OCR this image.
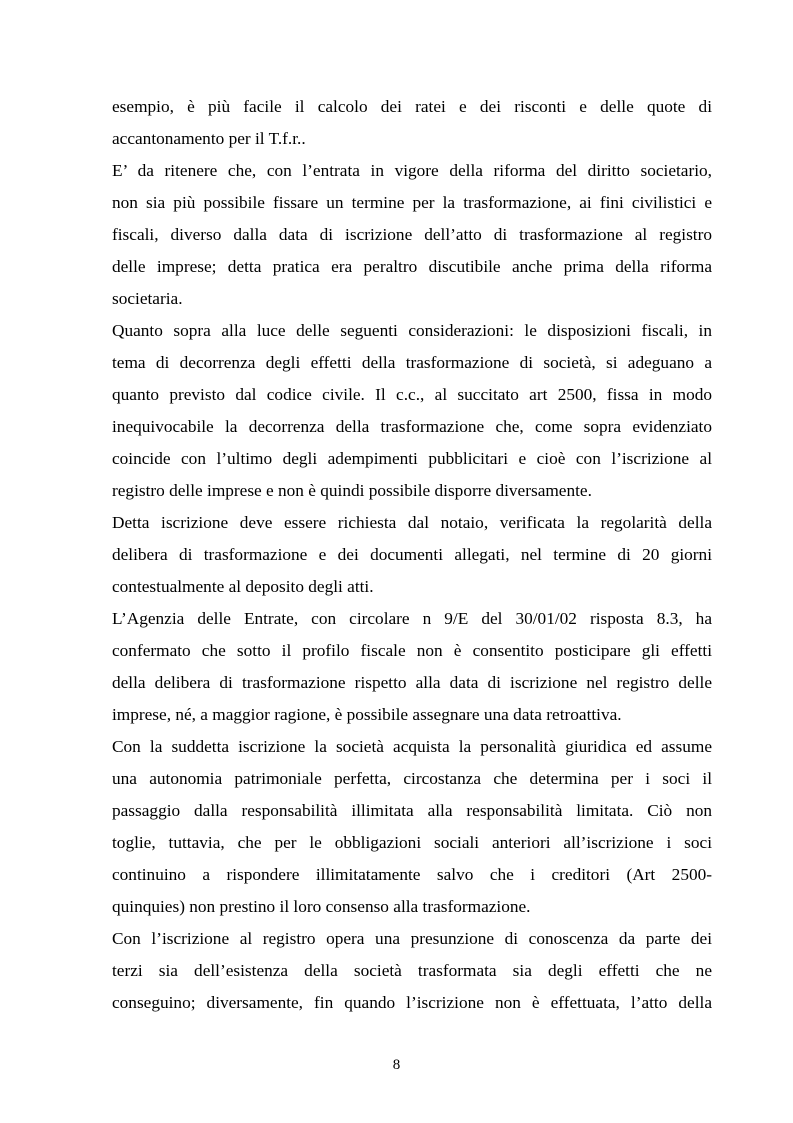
esempio, è più facile il calcolo dei ratei e dei risconti e delle quote di
accantonamento per il T.f.r..
E’ da ritenere che, con l’entrata in vigore della riforma del diritto societario,
non sia più possibile fissare un termine per la trasformazione, ai fini civilistici e
fiscali, diverso dalla data di iscrizione dell’atto di trasformazione al registro
delle imprese; detta pratica era peraltro discutibile anche prima della riforma
societaria.
Quanto sopra alla luce delle seguenti considerazioni: le disposizioni fiscali, in
tema di decorrenza degli effetti della trasformazione di società, si adeguano a
quanto previsto dal codice civile. Il c.c., al succitato art 2500, fissa in modo
inequivocabile la decorrenza della trasformazione che, come sopra evidenziato
coincide con l’ultimo degli adempimenti pubblicitari e cioè con l’iscrizione al
registro delle imprese e non è quindi possibile disporre diversamente.
Detta iscrizione deve essere richiesta dal notaio, verificata la regolarità della
delibera di trasformazione e dei documenti allegati, nel termine di 20 giorni
contestualmente al deposito degli atti.
L’Agenzia delle Entrate, con circolare n 9/E del 30/01/02 risposta 8.3, ha
confermato che sotto il profilo fiscale non è consentito posticipare gli effetti
della delibera di trasformazione rispetto alla data di iscrizione nel registro delle
imprese, né, a maggior ragione, è possibile assegnare una data retroattiva.
Con la suddetta iscrizione la società acquista la personalità giuridica ed assume
una autonomia patrimoniale perfetta, circostanza che determina per i soci il
passaggio dalla responsabilità illimitata alla responsabilità limitata. Ciò non
toglie, tuttavia, che per le obbligazioni sociali anteriori all’iscrizione i soci
continuino a rispondere illimitatamente salvo che i creditori (Art 2500-
quinquies) non prestino il loro consenso alla trasformazione.
Con l’iscrizione al registro opera una presunzione di conoscenza da parte dei
terzi sia dell’esistenza della società trasformata sia degli effetti che ne
conseguino; diversamente, fin quando l’iscrizione non è effettuata, l’atto della
8
